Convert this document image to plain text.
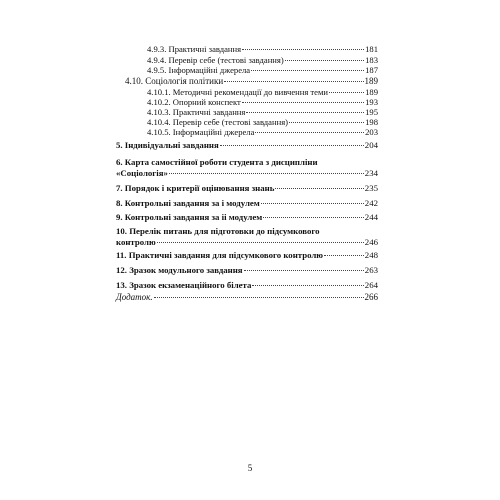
4.9.3. Практичні завдання	181
4.9.4. Перевір себе (тестові завдання)	183
4.9.5. Інформаційні джерела	187
4.10. Соціологія політики	189
4.10.1. Методичні рекомендації до вивчення теми	189
4.10.2. Опорний конспект	193
4.10.3. Практичні завдання	195
4.10.4. Перевір себе (тестові завдання)	198
4.10.5. Інформаційні джерела	203
5. Індивідуальні завдання	204
6. Карта самостійної роботи студента з дисципліни
«Соціологія»	234
7. Порядок і критерії оцінювання знань	235
8. Контрольні завдання за і модулем	242
9. Контрольні завдання за іі модулем	244
10. Перелік питань для підготовки до підсумкового
контролю	246
11. Практичні завдання для підсумкового контролю	248
12. Зразок модульного завдання	263
13. Зразок екзаменаційного білета	264
Додаток.	266
5
